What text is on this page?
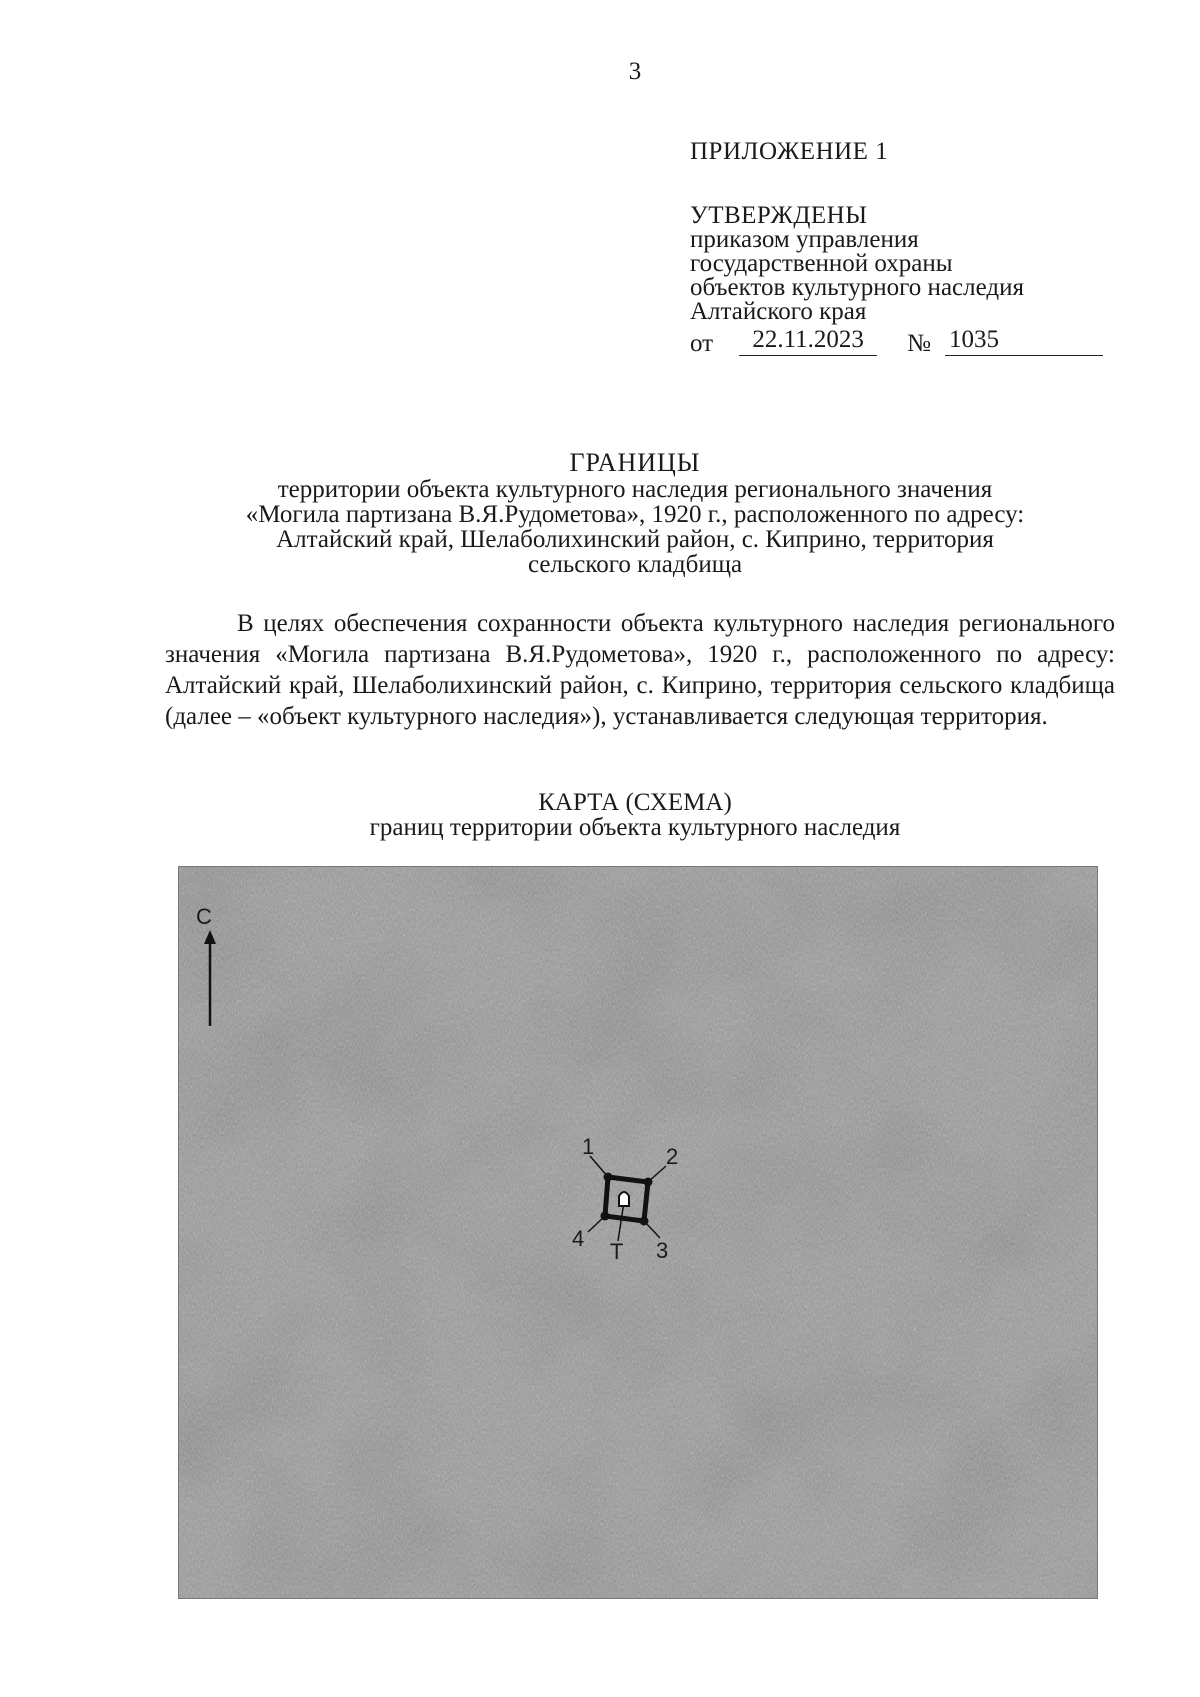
3
ПРИЛОЖЕНИЕ 1
УТВЕРЖДЕНЫ
приказом управления
государственной охраны
объектов культурного наследия
Алтайского края
от	22.11.2023	№ 1035
ГРАНИЦЫ
территории объекта культурного наследия регионального значения
«Могила партизана В.Я.Рудометова», 1920 г., расположенного по адресу:
Алтайский край, Шелаболихинский район, с. Киприно, территория
сельского кладбища
В целях обеспечения сохранности объекта культурного наследия регионального значения «Могила партизана В.Я.Рудометова», 1920 г., расположенного по адресу: Алтайский край, Шелаболихинский район, с. Киприно, территория сельского кладбища (далее – «объект культурного наследия»), устанавливается следующая территория.
КАРТА (СХЕМА)
границ территории объекта культурного наследия
С
1	2
3
4
Т
